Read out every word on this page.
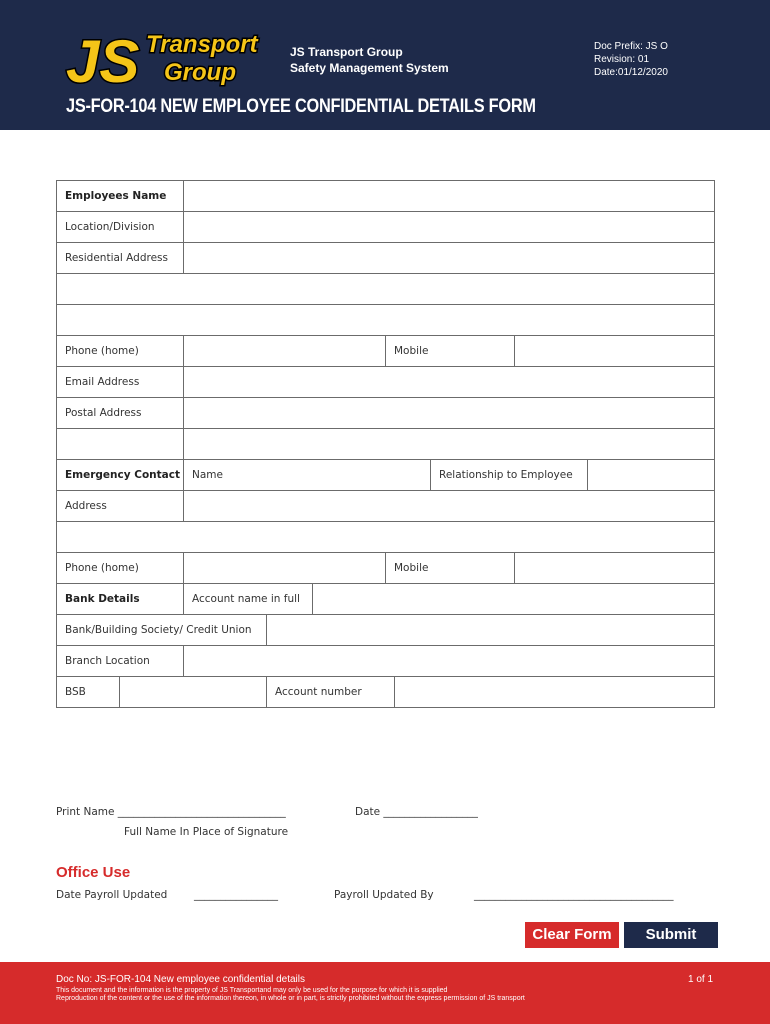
JS Transport
Group
JS Transport Group
Safety Management System
Doc Prefix: JS O
Revision: 01
Date:01/12/2020
JS-FOR-104 NEW EMPLOYEE CONFIDENTIAL DETAILS FORM
Employees Name
Location/Division
Residential Address
Phone (home)	Mobile
Email Address
Postal Address
Emergency Contact	Name	Relationship to Employee
Address
Phone (home)	Mobile
Bank Details	Account name in full
Bank/Building Society/ Credit Union
Branch Location
BSB	Account number
Print Name ________________________________	Date __________________
Full Name In Place of Signature
Office Use
Date Payroll Updated	________________	Payroll Updated By	______________________________________
Clear Form	Submit
Doc No: JS-FOR-104 New employee confidential details
This document and the information is the property of JS Transportand may only be used for the purpose for which it is supplied
Reproduction of the content or the use of the information thereon, in whole or in part, is strictly prohibited without the express permission of JS transport
1 of 1
